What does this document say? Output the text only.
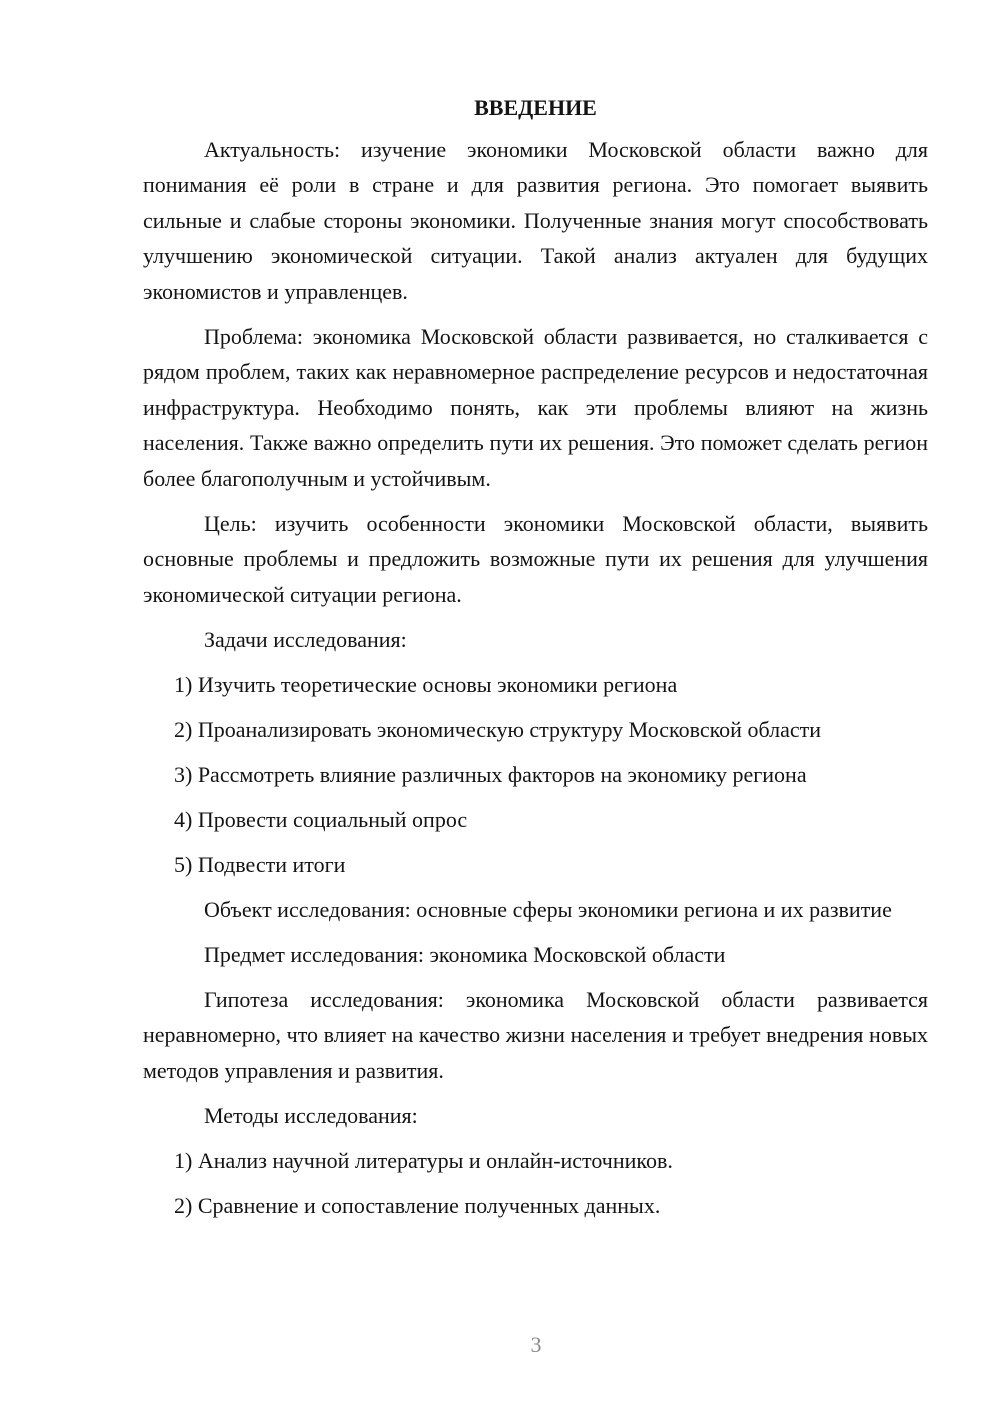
ВВЕДЕНИЕ
Актуальность: изучение экономики Московской области важно для понимания её роли в стране и для развития региона. Это помогает выявить сильные и слабые стороны экономики. Полученные знания могут способствовать улучшению экономической ситуации. Такой анализ актуален для будущих экономистов и управленцев.
Проблема: экономика Московской области развивается, но сталкивается с рядом проблем, таких как неравномерное распределение ресурсов и недостаточная инфраструктура. Необходимо понять, как эти проблемы влияют на жизнь населения. Также важно определить пути их решения. Это поможет сделать регион более благополучным и устойчивым.
Цель: изучить особенности экономики Московской области, выявить основные проблемы и предложить возможные пути их решения для улучшения экономической ситуации региона.
Задачи исследования:
1) Изучить теоретические основы экономики региона
2) Проанализировать экономическую структуру Московской области
3) Рассмотреть влияние различных факторов на экономику региона
4) Провести социальный опрос
5) Подвести итоги
Объект исследования: основные сферы экономики региона и их развитие
Предмет исследования: экономика Московской области
Гипотеза исследования: экономика Московской области развивается неравномерно, что влияет на качество жизни населения и требует внедрения новых методов управления и развития.
Методы исследования:
1) Анализ научной литературы и онлайн-источников.
2) Сравнение и сопоставление полученных данных.
3
